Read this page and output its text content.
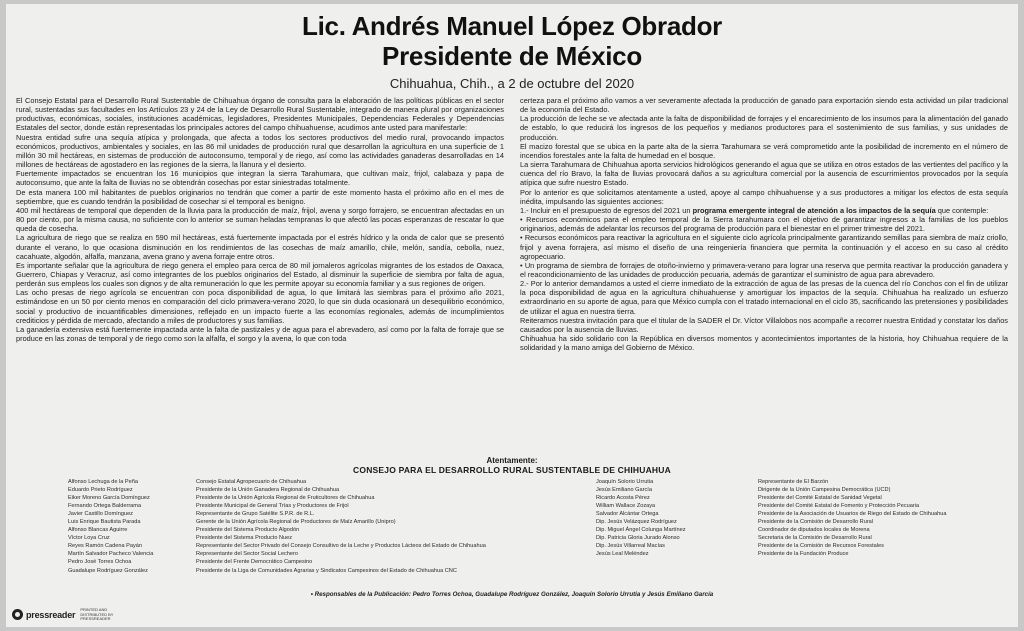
Lic. Andrés Manuel López Obrador
Presidente de México
Chihuahua, Chih., a 2 de octubre del 2020

El Consejo Estatal para el Desarrollo Rural Sustentable de Chihuahua órgano de consulta para la elaboración de las políticas públicas en el sector rural, sustentadas sus facultades en los Artículos 23 y 24 de la Ley de Desarrollo Rural Sustentable, integrado de manera plural por organizaciones productivas, económicas, sociales, instituciones académicas, legisladores, Presidentes Municipales, Dependencias Federales y Dependencias Estatales del sector, donde están representadas los principales actores del campo chihuahuense, acudimos ante usted para manifestarle:

Nuestra entidad sufre una sequía atípica y prolongada, que afecta a todos los sectores productivos del medio rural, provocando impactos económicos, productivos, ambientales y sociales, en las 86 mil unidades de producción rural que desarrollan la agricultura en una superficie de 1 millón 30 mil hectáreas, en sistemas de producción de autoconsumo, temporal y de riego, así como las actividades ganaderas desarrolladas en 14 millones de hectáreas de agostadero en las regiones de la sierra, la llanura y el desierto.

Fuertemente impactados se encuentran los 16 municipios que integran la sierra Tarahumara, que cultivan maíz, frijol, calabaza y papa de autoconsumo, que ante la falta de lluvias no se obtendrán cosechas por estar siniestradas totalmente.

De esta manera 100 mil habitantes de pueblos originarios no tendrán que comer a partir de este momento hasta el próximo año en el mes de septiembre, que es cuando tendrán la posibilidad de cosechar si el temporal es benigno.

400 mil hectáreas de temporal que dependen de la lluvia para la producción de maíz, frijol, avena y sorgo forrajero, se encuentran afectadas en un 80 por ciento, por la misma causa, no suficiente con lo anterior se suman heladas tempranas lo que afectó las pocas esperanzas de rescatar lo que queda de cosecha.

La agricultura de riego que se realiza en 590 mil hectáreas, está fuertemente impactada por el estrés hídrico y la onda de calor que se presentó durante el verano, lo que ocasiona disminución en los rendimientos de las cosechas de maíz amarillo, chile, melón, sandía, cebolla, nuez, cacahuate, algodón, alfalfa, manzana, avena grano y avena forraje entre otros.

Es importante señalar que la agricultura de riego genera el empleo para cerca de 80 mil jornaleros agrícolas migrantes de los estados de Oaxaca, Guerrero, Chiapas y Veracruz, así como integrantes de los pueblos originarios del Estado, al disminuir la superficie de siembra por falta de agua, perderán sus empleos los cuales son dignos y de alta remuneración lo que les permite apoyar su economía familiar y a sus regiones de origen.

Las ocho presas de riego agrícola se encuentran con poca disponibilidad de agua, lo que limitará las siembras para el próximo año 2021, estimándose en un 50 por ciento menos en comparación del ciclo primavera-verano 2020, lo que sin duda ocasionará un desequilibrio económico, social y productivo de incuantificables dimensiones, reflejado en un impacto fuerte a las economías regionales, además de incumplimientos crediticios y pérdida de mercado, afectando a miles de productores y sus familias.

La ganadería extensiva está fuertemente impactada ante la falta de pastizales y de agua para el abrevadero, así como por la falta de forraje que se produce en las zonas de temporal y de riego como son la alfalfa, el sorgo y la avena, lo que con toda

certeza para el próximo año vamos a ver severamente afectada la producción de ganado para exportación siendo esta actividad un pilar tradicional de la economía del Estado.

La producción de leche se ve afectada ante la falta de disponibilidad de forrajes y el encarecimiento de los insumos para la alimentación del ganado de establo, lo que reducirá los ingresos de los pequeños y medianos productores para el sostenimiento de sus familias, y sus unidades de producción.

El macizo forestal que se ubica en la parte alta de la sierra Tarahumara se verá comprometido ante la posibilidad de incremento en el número de incendios forestales ante la falta de humedad en el bosque.

La sierra Tarahumara de Chihuahua aporta servicios hidrológicos generando el agua que se utiliza en otros estados de las vertientes del pacífico y la cuenca del río Bravo, la falta de lluvias provocará daños a su agricultura comercial por la ausencia de escurrimientos provocados por la sequía atípica que sufre nuestro Estado.

Por lo anterior es que solicitamos atentamente a usted, apoye al campo chihuahuense y a sus productores a mitigar los efectos de esta sequía inédita, impulsando las siguientes acciones:

1.- Incluir en el presupuesto de egresos del 2021 un programa emergente integral de atención a los impactos de la sequía que contemple:

• Recursos económicos para el empleo temporal de la Sierra tarahumara con el objetivo de garantizar ingresos a la familias de los pueblos originarios, además de adelantar los recursos del programa de producción para el bienestar en el primer trimestre del 2021.

• Recursos económicos para reactivar la agricultura en el siguiente ciclo agrícola principalmente garantizando semillas para siembra de maíz criollo, frijol y avena forrajera, así mismo el diseño de una reingeniería financiera que permita la continuación y el acceso en su caso al crédito agropecuario.

• Un programa de siembra de forrajes de otoño-invierno y primavera-verano para lograr una reserva que permita reactivar la producción ganadera y el reacondicionamiento de las unidades de producción pecuaria, además de garantizar el suministro de agua para abrevadero.

2.- Por lo anterior demandamos a usted el cierre inmediato de la extracción de agua de las presas de la cuenca del río Conchos con el fin de utilizar la poca disponibilidad de agua en la agricultura chihuahuense y amortiguar los impactos de la sequía. Chihuahua ha realizado un esfuerzo extraordinario en su aporte de agua, para que México cumpla con el tratado internacional en el ciclo 35, sacrificando las pretensiones y posibilidades de utilizar el agua en nuestra tierra.

Reiteramos nuestra invitación para que el titular de la SADER el Dr. Víctor Villalobos nos acompañe a recorrer nuestra Entidad y constatar los daños causados por la ausencia de lluvias.

Chihuahua ha sido solidario con la República en diversos momentos y acontecimientos importantes de la historia, hoy Chihuahua requiere de la solidaridad y la mano amiga del Gobierno de México.

Atentamente:
CONSEJO PARA EL DESARROLLO RURAL SUSTENTABLE DE CHIHUAHUA
Alfonso Lechuga de la Peña
Eduardo Prieto Rodríguez
Eiker Moreno García Domínguez
Fernando Ortega Balderrama
Javier Castillo Domínguez
Luis Enrique Bautista Parada
Alfonso Blancas Aguirre
Víctor Loya Cruz
Reyes Ramón Cadena Payán
Martín Salvador Pacheco Valencia
Pedro José Torres Ochoa
Guadalupe Rodríguez González
Consejo Estatal Agropecuario de Chihuahua
Presidente de la Unión Ganadera Regional de Chihuahua
Presidente de la Unión Agrícola Regional de Fruticultores de Chihuahua
Presidente Municipal de General Trías y Productores de Frijol
Representante de Grupo Satélite S.P.R. de R.L.
Gerente de la Unión Agrícola Regional de Productores de Maíz Amarillo (Unipro)
Presidente del Sistema Producto Algodón
Presidente del Sistema Producto Nuez
Representante del Sector Privado del Consejo Consultivo de la Leche y Productos Lácteos del Estado de Chihuahua
Representante del Sector Social Lechero
Presidente del Frente Democrático Campesino
Presidente de la Liga de Comunidades Agrarias y Sindicatos Campesinos del Estado de Chihuahua CNC
Joaquín Solorio Urrutia
Jesús Emiliano García
Ricardo Acosta Pérez
William Wallace Zozaya
Salvador Alcántar Ortega
Dip. Jesús Velázquez Rodríguez
Dip. Miguel Ángel Colunga Martínez
Dip. Patricia Gloria Jurado Alonso
Dip. Jesús Villarreal Macías
Jesús Leal Meléndez
Representante de El Barzón
Dirigente de la Unión Campesina Democrática (UCD)
Presidente del Comité Estatal de Sanidad Vegetal
Presidente del Comité Estatal de Fomento y Protección Pecuaria
Presidente de la Asociación de Usuarios de Riego del Estado de Chihuahua
Presidente de la Comisión de Desarrollo Rural
Coordinador de diputados locales de Morena
Secretaria de la Comisión de Desarrollo Rural
Presidente de la Comisión de Recursos Forestales
Presidente de la Fundación Produce
• Responsables de la Publicación: Pedro Torres Ochoa, Guadalupe Rodríguez González, Joaquín Solorio Urrutia y Jesús Emiliano García
pressreader
PRINTED AND DISTRIBUTED BY PRESSREADER
